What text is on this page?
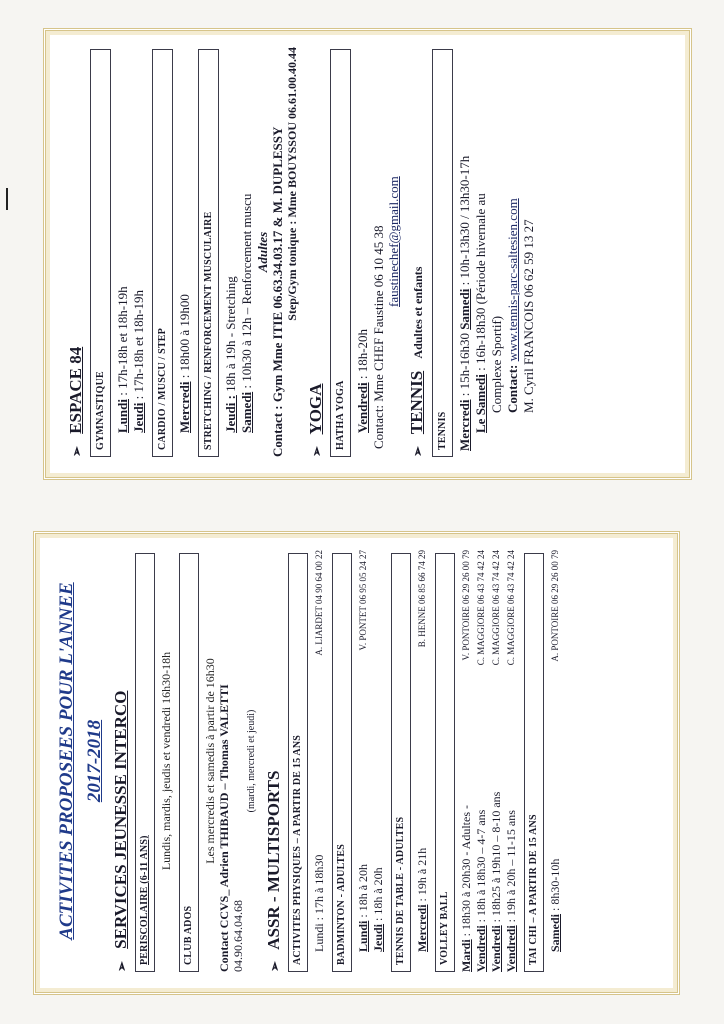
➢ ESPACE 84	GYMNASTIQUE Lundi : 17h-18h et 18h-19h
Jeudi : 17h-18h et 18h-19h	CARDIO / MUSCU / STEP Mercredi : 18h00 à 19h00	STRETCHING / RENFORCEMENT MUSCULAIRE Jeudi : 18h à 19h - Stretching
Samedi : 10h30 à 12h – Renforcement muscu Adultes Contact : Gym Mme ITIE 06.63.34.03.17 & M. DUPLESSY Step/Gym tonique : Mme BOUYSSOU 06.61.00.40.44
➢ YOGA	HATHA YOGA Vendredi : 18h-20h Contact: Mme CHEF Faustine 06 10 45 38 faustinechef@gmail.com
➢ TENNIS Adultes et enfants
TENNIS Mercredi : 15h-16h30 Samedi : 10h-13h30 / 13h30-17h
Le Samedi : 16h-18h30 (Période hivernale au Complexe Sportif) Contact: www.tennis-parc-saltesien.com M. Cyril FRANCOIS 06 62 59 13 27
ACTIVITES PROPOSEES POUR L'ANNEE 2017-2018
➢ SERVICES JEUNESSE INTERCO PERISCOLAIRE (6-11 ANS)
Lundis, mardis, jeudis et vendredi 16h30-18h
CLUB ADOS
Les mercredis et samedis à partir de 16h30 Contact CCVS_ Adrien THIBAUD – Thomas VALETTI 04.90.64.04.68
(mardi, mercredi et jeudi)
➢ ASSR - MULTISPORTS ACTIVITES PHYSIQUES – A PARTIR DE 15 ANS Lundi : 17h à 18h30
A. LIARDET 04 90 64 00 22
BADMINTON - ADULTES Lundi : 18h à 20h
V. PONTET 06 95 05 24 27
Jeudi : 18h à 20h	TENNIS DE TABLE - ADULTES Mercredi : 19h à 21h
B. HENNE 06 85 66 74 29
VOLLEY BALL Mardi : 18h30 à 20h30 - Adultes -
V. PONTOIRE 06 29 26 00 79
Vendredi : 18h à 18h30 – 4-7 ans
C. MAGGIORE 06 43 74 42 24
Vendredi : 18h25 à 19h10 – 8-10 ans
C. MAGGIORE 06 43 74 42 24
Vendredi : 19h à 20h – 11-15 ans
C. MAGGIORE 06 43 74 42 24
TAI CHI – A PARTIR DE 15 ANS Samedi : 8h30-10h
A. PONTOIRE 06 29 26 00 79
